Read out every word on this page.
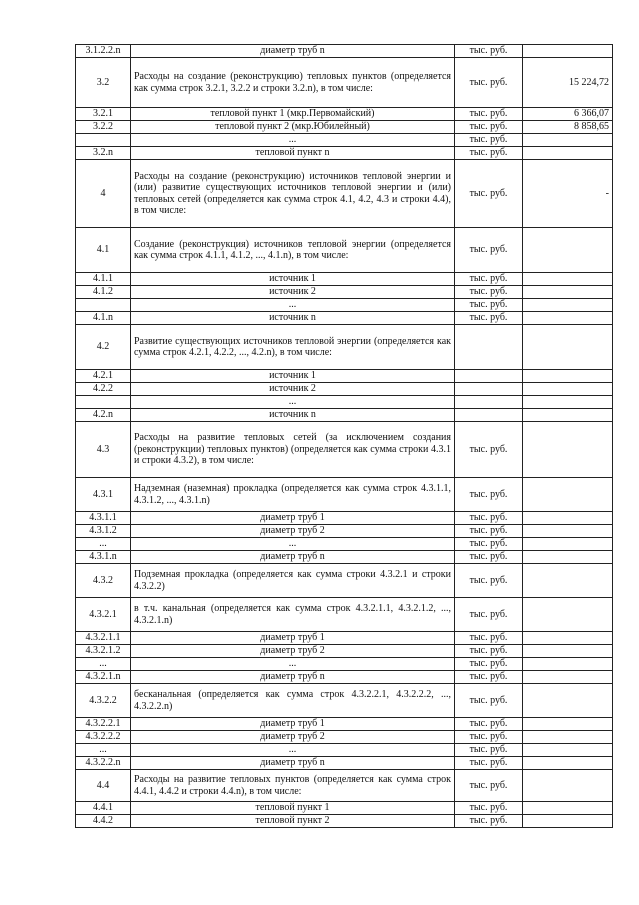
3.1.2.2.n	диаметр труб n	тыс. руб.	
3.2	Расходы на создание (реконструкцию) тепловых пунктов (определяется как сумма строк 3.2.1, 3.2.2 и строки 3.2.n), в том числе:	тыс. руб.	15 224,72
3.2.1	тепловой пункт 1 (мкр.Первомайский)	тыс. руб.	6 366,07
3.2.2	тепловой пункт 2 (мкр.Юбилейный)	тыс. руб.	8 858,65
	...	тыс. руб.	
3.2.n	тепловой пункт n	тыс. руб.	
4	Расходы на создание (реконструкцию) источников тепловой энергии и (или) развитие существующих источников тепловой энергии и (или) тепловых сетей (определяется как сумма строк 4.1, 4.2, 4.3 и строки 4.4), в том числе:	тыс. руб.	-
4.1	Создание (реконструкция) источников тепловой энергии (определяется как сумма строк 4.1.1, 4.1.2, ..., 4.1.n), в том числе:	тыс. руб.	
4.1.1	источник 1	тыс. руб.	
4.1.2	источник 2	тыс. руб.	
	...	тыс. руб.	
4.1.n	источник n	тыс. руб.	
4.2	Развитие существующих источников тепловой энергии (определяется как сумма строк 4.2.1, 4.2.2, ..., 4.2.n), в том числе:		
4.2.1	источник 1		
4.2.2	источник 2		
	...		
4.2.n	источник n		
4.3	Расходы на развитие тепловых сетей (за исключением создания (реконструкции) тепловых пунктов) (определяется как сумма строки 4.3.1 и строки 4.3.2), в том числе:	тыс. руб.	
4.3.1	Надземная (наземная) прокладка (определяется как сумма строк 4.3.1.1, 4.3.1.2, ..., 4.3.1.n)	тыс. руб.	
4.3.1.1	диаметр труб 1	тыс. руб.	
4.3.1.2	диаметр труб 2	тыс. руб.	
...	...	тыс. руб.	
4.3.1.n	диаметр труб n	тыс. руб.	
4.3.2	Подземная прокладка (определяется как сумма строки 4.3.2.1 и строки 4.3.2.2)	тыс. руб.	
4.3.2.1	в т.ч. канальная (определяется как сумма строк 4.3.2.1.1, 4.3.2.1.2, ..., 4.3.2.1.n)	тыс. руб.	
4.3.2.1.1	диаметр труб 1	тыс. руб.	
4.3.2.1.2	диаметр труб 2	тыс. руб.	
...	...	тыс. руб.	
4.3.2.1.n	диаметр труб n	тыс. руб.	
4.3.2.2	бесканальная (определяется как сумма строк 4.3.2.2.1, 4.3.2.2.2, ..., 4.3.2.2.n)	тыс. руб.	
4.3.2.2.1	диаметр труб 1	тыс. руб.	
4.3.2.2.2	диаметр труб 2	тыс. руб.	
...	...	тыс. руб.	
4.3.2.2.n	диаметр труб n	тыс. руб.	
4.4	Расходы на развитие тепловых пунктов (определяется как сумма строк 4.4.1, 4.4.2 и строки 4.4.n), в том числе:	тыс. руб.	
4.4.1	тепловой пункт 1	тыс. руб.	
4.4.2	тепловой пункт 2	тыс. руб.	
